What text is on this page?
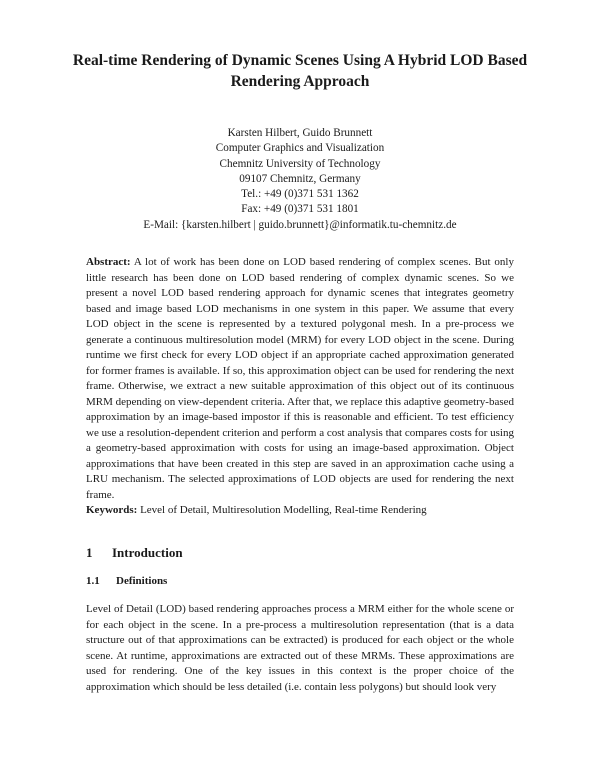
Real-time Rendering of Dynamic Scenes Using A Hybrid LOD Based
Rendering Approach
Karsten Hilbert, Guido Brunnett
Computer Graphics and Visualization
Chemnitz University of Technology
09107 Chemnitz, Germany
Tel.: +49 (0)371 531 1362
Fax: +49 (0)371 531 1801
E-Mail: {karsten.hilbert | guido.brunnett}@informatik.tu-chemnitz.de
Abstract: A lot of work has been done on LOD based rendering of complex scenes. But only little research has been done on LOD based rendering of complex dynamic scenes. So we present a novel LOD based rendering approach for dynamic scenes that integrates geometry based and image based LOD mechanisms in one system in this paper. We assume that every LOD object in the scene is represented by a textured polygonal mesh. In a pre-process we generate a continuous multiresolution model (MRM) for every LOD object in the scene. During runtime we first check for every LOD object if an appropriate cached approximation generated for former frames is available. If so, this approximation object can be used for rendering the next frame. Otherwise, we extract a new suitable approximation of this object out of its continuous MRM depending on view-dependent criteria. After that, we replace this adaptive geometry-based approximation by an image-based impostor if this is reasonable and efficient. To test efficiency we use a resolution-dependent criterion and perform a cost analysis that compares costs for using a geometry-based approximation with costs for using an image-based approximation. Object approximations that have been created in this step are saved in an approximation cache using a LRU mechanism. The selected approximations of LOD objects are used for rendering the next frame.
Keywords: Level of Detail, Multiresolution Modelling, Real-time Rendering
1 Introduction
1.1 Definitions
Level of Detail (LOD) based rendering approaches process a MRM either for the whole scene or for each object in the scene. In a pre-process a multiresolution representation (that is a data structure out of that approximations can be extracted) is produced for each object or the whole scene. At runtime, approximations are extracted out of these MRMs. These approximations are used for rendering. One of the key issues in this context is the proper choice of the approximation which should be less detailed (i.e. contain less polygons) but should look very
